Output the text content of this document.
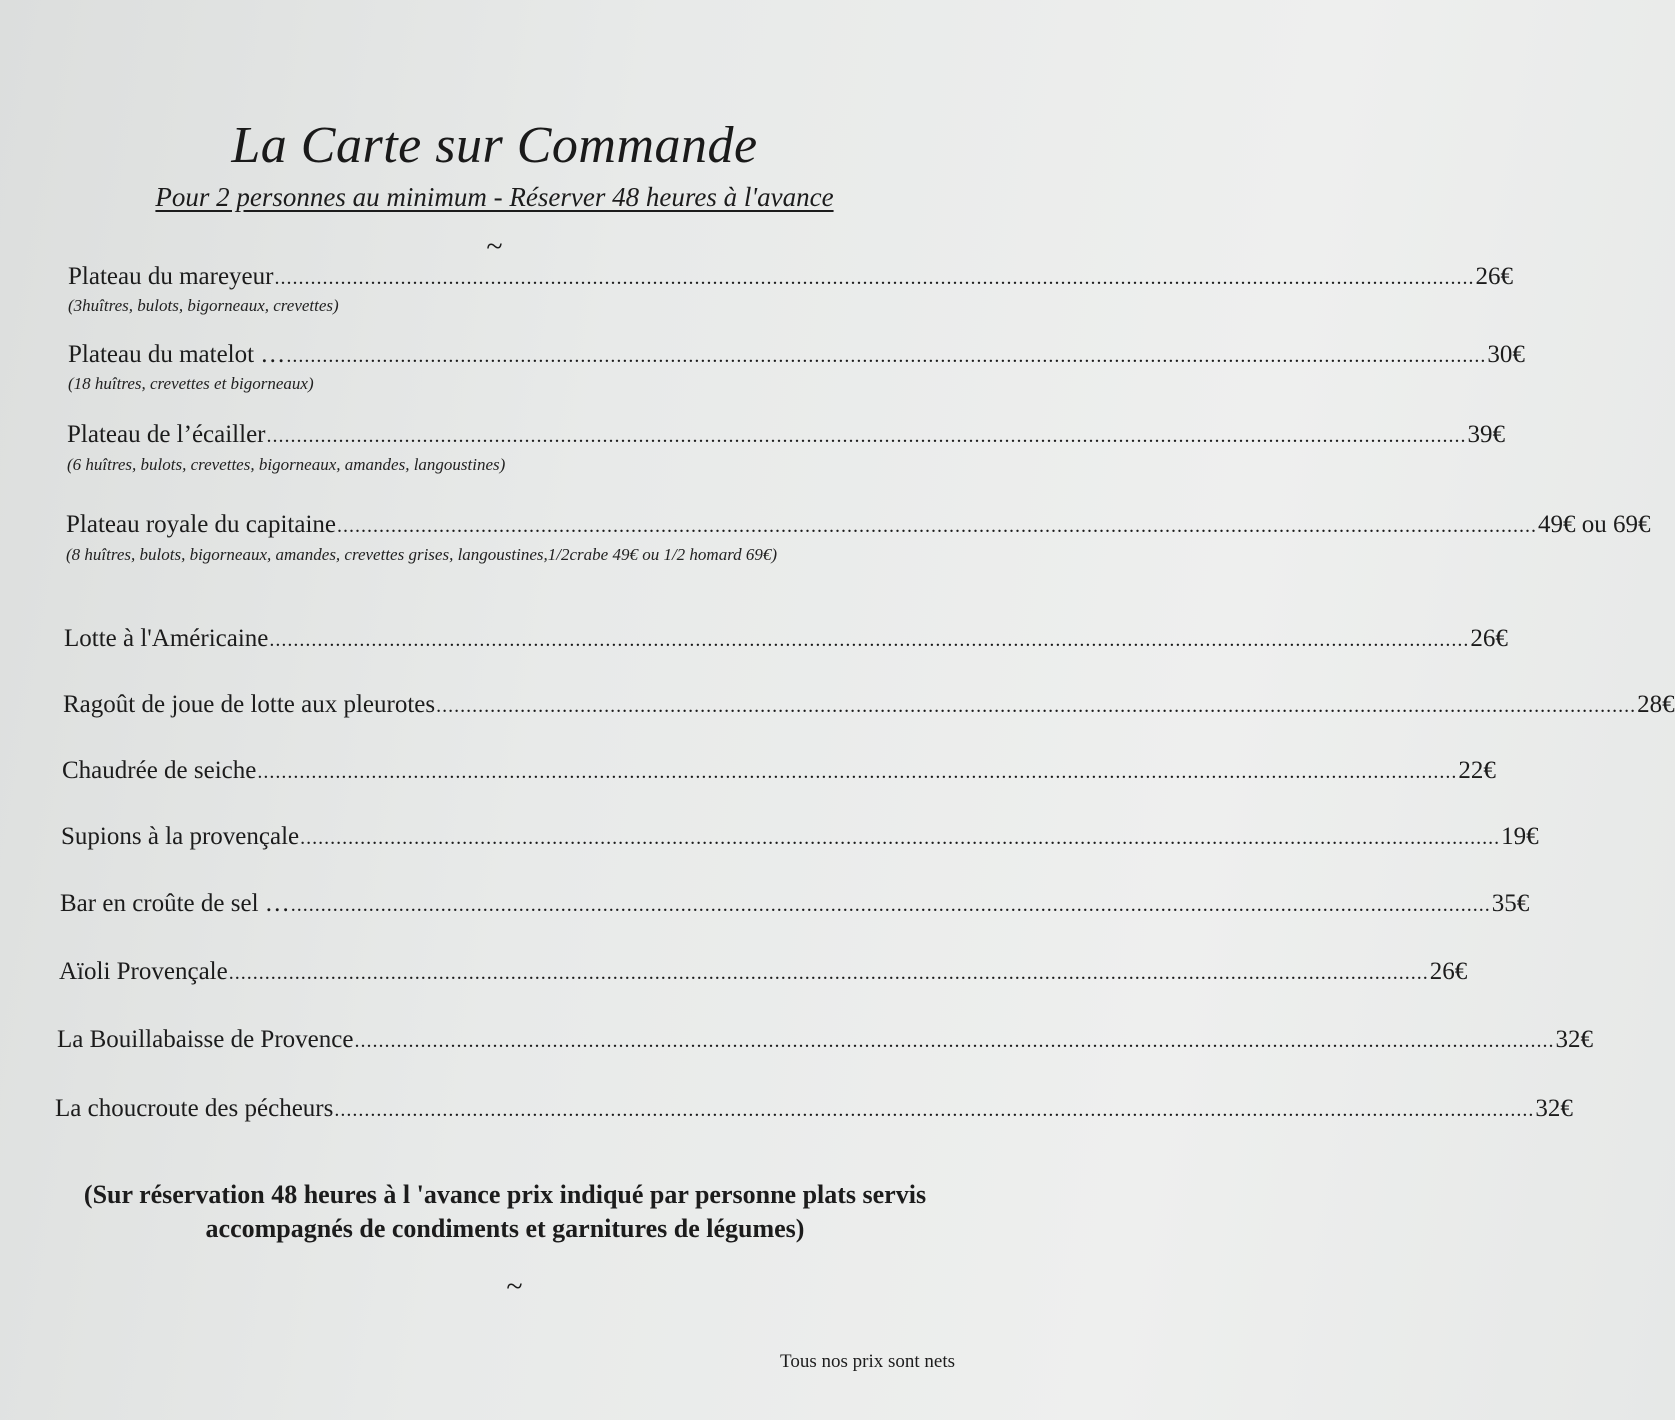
La Carte sur Commande
Pour 2 personnes au minimum - Réserver 48 heures à l'avance
~
Plateau du mareyeur ........................................................................................................................................................................................................ 26€
(3huîtres, bulots, bigorneaux, crevettes)
Plateau du matelot … ........................................................................................................................................................................................................ 30€
(18 huîtres, crevettes et bigorneaux)
Plateau de l’écailler ........................................................................................................................................................................................................ 39€
(6 huîtres, bulots, crevettes, bigorneaux, amandes, langoustines)
Plateau royale du capitaine ........................................................................................................................................................................................................ 49€ ou 69€
(8 huîtres, bulots, bigorneaux, amandes, crevettes grises, langoustines,1/2crabe 49€ ou 1/2 homard 69€)
Lotte à l'Américaine ........................................................................................................................................................................................................ 26€
Ragoût de joue de lotte aux pleurotes ........................................................................................................................................................................................................ 28€
Chaudrée de seiche ........................................................................................................................................................................................................ 22€
Supions à la provençale ........................................................................................................................................................................................................ 19€
Bar en croûte de sel … ........................................................................................................................................................................................................ 35€
Aïoli Provençale ........................................................................................................................................................................................................ 26€
La Bouillabaisse de Provence ........................................................................................................................................................................................................ 32€
La choucroute des pécheurs ........................................................................................................................................................................................................ 32€
(Sur réservation 48 heures à l 'avance prix indiqué par personne plats servis accompagnés de condiments et garnitures de légumes)
~
Tous nos prix sont nets
